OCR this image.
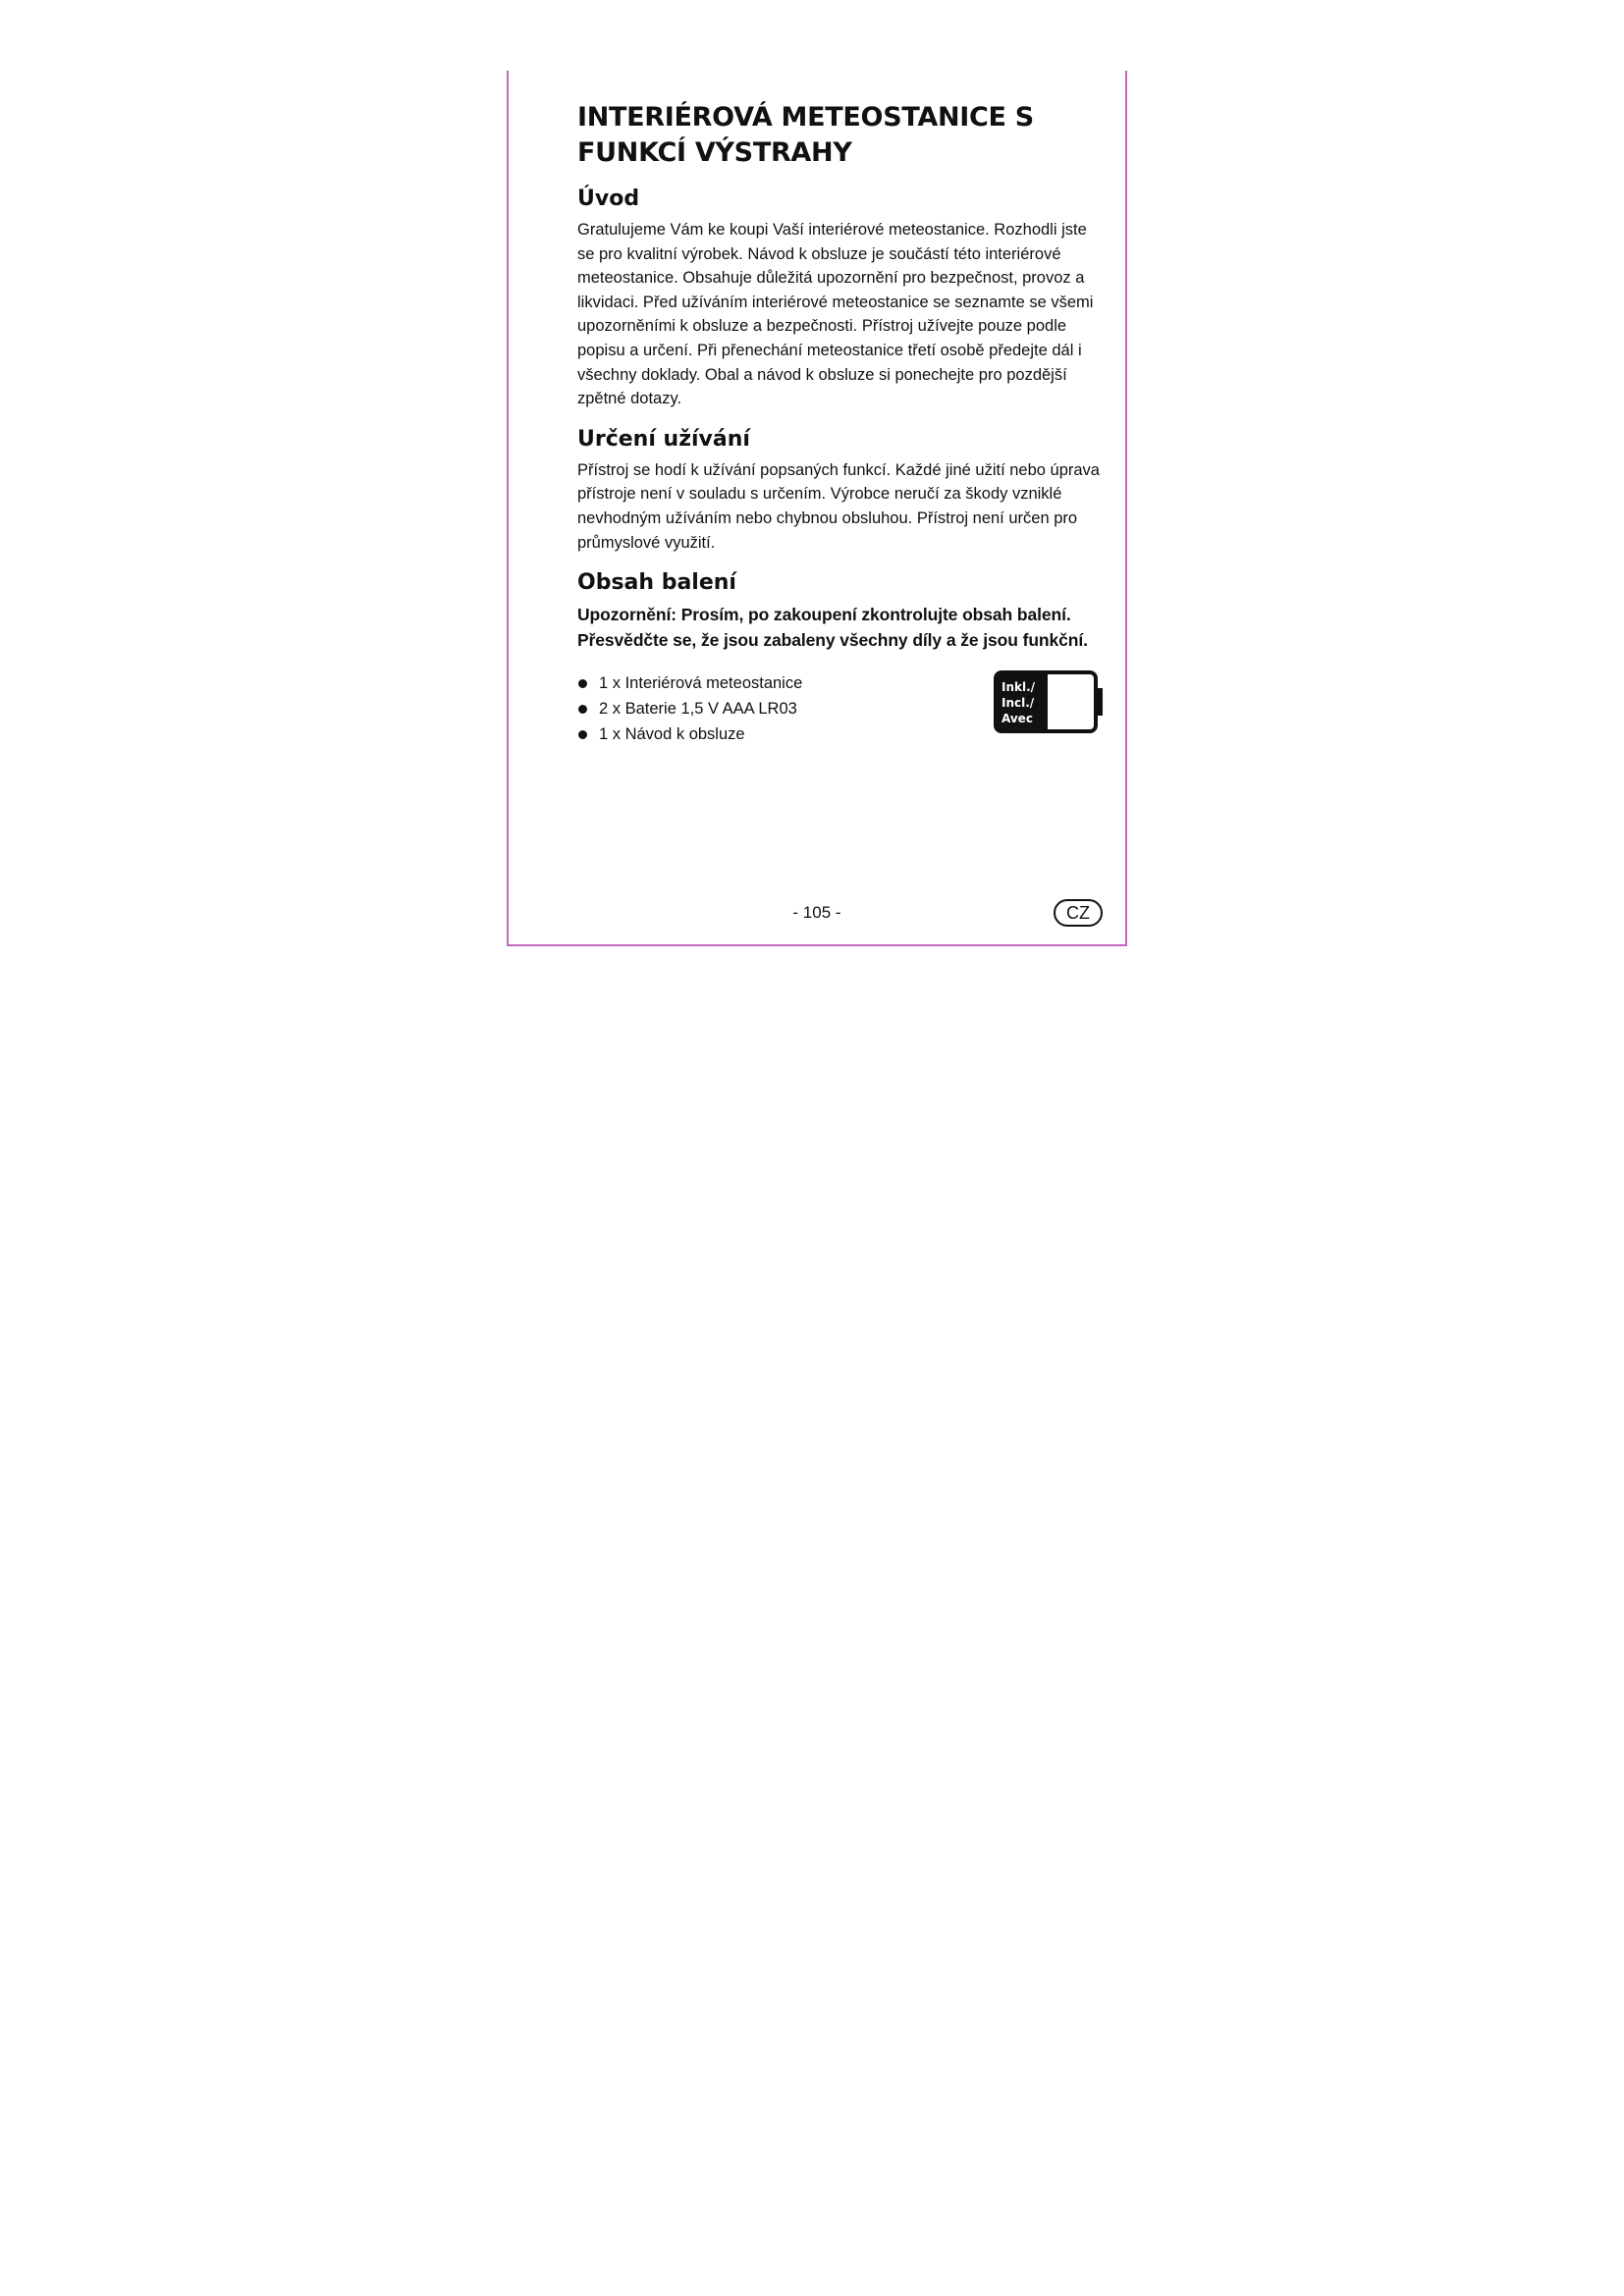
INTERIÉROVÁ METEOSTANICE S FUNKCÍ VÝSTRAHY
Úvod

Gratulujeme Vám ke koupi Vaší interiérové meteostanice. Rozhodli jste se pro kvalitní výrobek. Návod k obsluze je součástí této interiérové meteostanice. Obsahuje důležitá upozornění pro bezpečnost, provoz a likvidaci. Před užíváním interiérové meteostanice se seznamte se všemi upozorněními k obsluze a bezpečnosti. Přístroj užívejte pouze podle popisu a určení. Při přenechání meteostanice třetí osobě předejte dál i všechny doklady. Obal a návod k obsluze si ponechejte pro pozdější zpětné dotazy.

Určení užívání

Přístroj se hodí k užívání popsaných funkcí. Každé jiné užití nebo úprava přístroje není v souladu s určením. Výrobce neručí za škody vzniklé nevhodným užíváním nebo chybnou obsluhou. Přístroj není určen pro průmyslové využití.

Obsah balení

Upozornění: Prosím, po zakoupení zkontrolujte obsah balení. Přesvědčte se, že jsou zabaleny všechny díly a že jsou funkční.

1 x Interiérová meteostanice
2 x Baterie 1,5 V AAA LR03
1 x Návod k obsluze
Inkl./
Incl./
Avec
- 105 -	CZ
